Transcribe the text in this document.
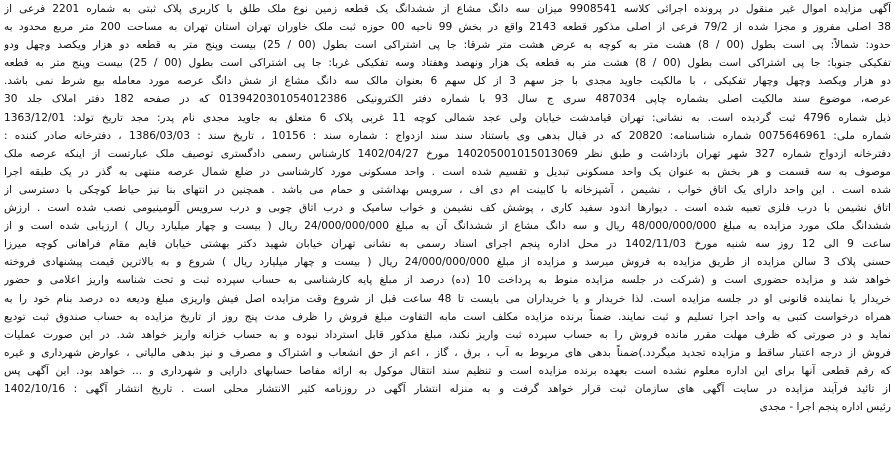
آگهی مزایده اموال غیر منقول در پرونده اجرائی کلاسه 9908541 میزان سه دانگ مشاع از ششدانگ یک قطعه زمین نوع ملک طلق با کاربری پلاک ثبتی به شماره 2201 فرعی از
38 اصلی مفروز و مجزا شده از 79/2 فرعی از اصلی مذکور قطعه 2143 واقع در بخش 99 ناحیه 00 حوزه ثبت ملک خاوران تهران استان تهران به مساحت 200 متر مربع محدود به
حدود: شمالاً: پی است بطول (00 / 8) هشت متر به کوچه به عرض هشت متر شرقا: جا پی اشتراکی است بطول (00 / 25) بیست وپنج متر به قطعه دو هزار ویکصد وچهل ودو
تفکیکی جنوبا: جا پی اشتراکی است بطول (00 / 8) هشت متر به قطعه یک هزار ونهصد وهفتاد وسه تفکیکی غربا: جا پی اشتراکی است بطول (00 / 25) بیست وپنج متر به قطعه
دو هزار ویکصد وچهل وچهار تفکیکی ، با مالکیت جاوید مجدی با جز سهم 3 از کل سهم 6 بعنوان مالک سه دانگ مشاع از شش دانگ عرصه مورد معامله بیع شرط نمی باشد.
عرصه، موضوع سند مالکیت اصلی بشماره چاپی 487034 سری ج سال 93 با شماره دفتر الکترونیکی 013942030105401238​6 که در صفحه 182 دفتر املاک جلد 30
ذیل شماره 4796 ثبت گردیده است. به نشانی: تهران قیامدشت خیابان ولی عجد شمالی کوچه 11 غربی پلاک 6 متعلق به جاوید مجدی نام پدر: مجد تاریخ تولد: 1363/12/01
شماره ملی: 0075646961 شماره شناسنامه: 20820 که در قبال بدهی وی باستناد سند سند ازدواج : شماره سند : 10156 ، تاریخ سند : 1386/03/03 ، دفترخانه صادر کننده :
دفترخانه ازدواج شماره 327 شهر تهران بازداشت و طبق نظر 140205001015013069 مورخ 1402/04/27 کارشناس رسمی دادگستری توصیف ملک عبارتست از اینکه عرصه ملک
موصوف به سه قسمت و هر بخش به عنوان یک واحد مسکونی تبدیل و تقسیم شده است . واحد مسکونی مورد کارشناسی در ضلع شمال عرصه منتهی به گذر در یک طبقه اجرا
شده است . این واحد دارای یک اتاق خواب ، نشیمن ، آشپزخانه با کابینت ام دی اف ، سرویس بهداشتی و حمام می باشد . همچنین در انتهای بنا نیز حیاط کوچکی با دسترسی از
اتاق نشیمن با درب فلزی تعبیه شده است . دیوارها اندود سفید کاری ، پوشش کف نشیمن و خواب سامیک و درب اتاق چوبی و درب سرویس آلومینیومی نصب شده است . ارزش
ششدانگ ملک مورد مزایده به مبلغ 48/000/000/000 ریال و سه دانگ مشاع از ششدانگ آن به مبلغ 24/000/000/000 ریال ( بیست و چهار میلیارد ریال ) ارزیابی شده است و از
ساعت 9 الی 12 روز سه شنبه مورخ 1402/11/03 در محل اداره پنجم اجرای اسناد رسمی به نشانی تهران خیابان شهید دکتر بهشتی خیابان قایم مقام فراهانی کوچه میرزا
حسنی پلاک 3 سالن مزایده از طریق مزایده به فروش میرسد و مزایده از مبلغ 24/000/000/000 ریال ( بیست و چهار میلیارد ریال ) شروع و به بالاترین قیمت پیشنهادی فروخته
خواهد شد و مزایده حضوری است و (شرکت در جلسه مزایده منوط به پرداخت 10 (ده) درصد از مبلغ پایه کارشناسی به حساب سپرده ثبت و تحت شناسه واریز اعلامی و حضور
خریدار یا نماینده قانونی او در جلسه مزایده است. لذا خریدار و یا خریداران می بایست تا 48 ساعت قبل از شروع وقت مزایده اصل فیش واریزی مبلغ ودیعه ده درصد بنام خود را به
همراه درخواست کتبی به واحد اجرا تسلیم و ثبت نمایند. ضمناً برنده مزایده مکلف است مابه التفاوت مبلغ فروش را ظرف مدت پنج روز از تاریخ مزایده به حساب صندوق ثبت تودیع
نماید و در صورتی که ظرف مهلت مقرر مانده فروش را به حساب سپرده ثبت واریز نکند، مبلغ مذکور قابل استرداد نبوده و به حساب خزانه واریز خواهد شد. در این صورت عملیات
فروش از درجه اعتبار ساقط و مزایده تجدید میگردد.)ضمناً بدهی های مربوط به آب ، برق ، گاز ، اعم از حق انشعاب و اشتراک و مصرف و نیز بدهی مالیاتی ، عوارض شهرداری و غیره
که رقم قطعی آنها برای این اداره معلوم نشده است بعهده برنده مزایده است و تنظیم سند انتقال موکول به ارائه مفاصا حسابهای دارایی و شهرداری و ... خواهد بود. این آگهی پس
از تائید فرآیند مزایده در سایت آگهی های سازمان ثبت قرار خواهد گرفت و به منزله انتشار آگهی در روزنامه کثیر الانتشار محلی است . تاریخ انتشار آگهی : 1402/10/16
رئیس اداره پنجم اجرا - مجدی
